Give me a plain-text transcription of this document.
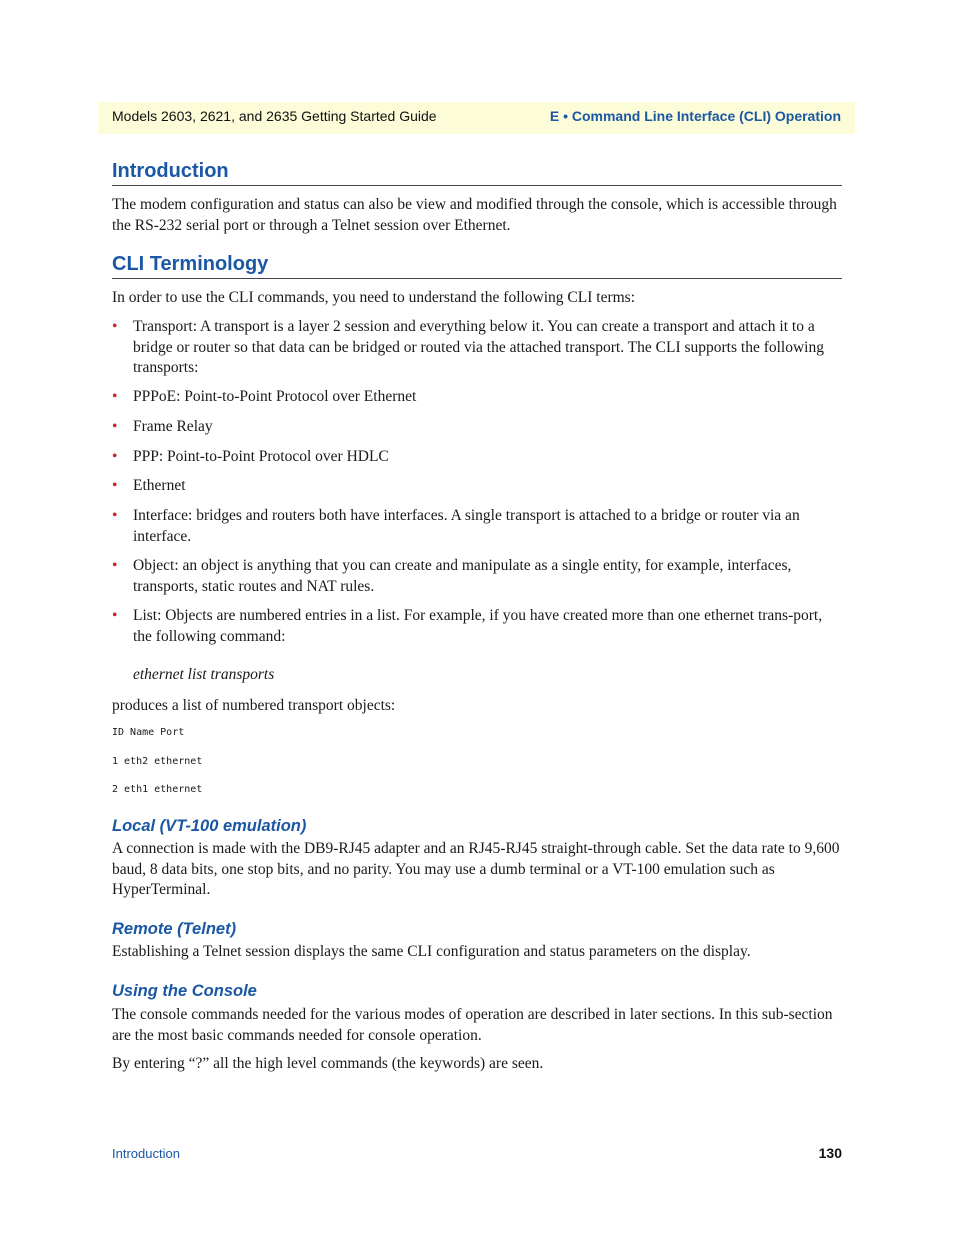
Models 2603, 2621, and 2635 Getting Started Guide	E • Command Line Interface (CLI) Operation
Introduction

The modem configuration and status can also be view and modified through the console, which is accessible through the RS-232 serial port or through a Telnet session over Ethernet.

CLI Terminology

In order to use the CLI commands, you need to understand the following CLI terms:

• Transport: A transport is a layer 2 session and everything below it. You can create a transport and attach it to a bridge or router so that data can be bridged or routed via the attached transport. The CLI supports the following transports:
• PPPoE: Point-to-Point Protocol over Ethernet
• Frame Relay
• PPP: Point-to-Point Protocol over HDLC
• Ethernet
• Interface: bridges and routers both have interfaces. A single transport is attached to a bridge or router via an interface.
• Object: an object is anything that you can create and manipulate as a single entity, for example, interfaces, transports, static routes and NAT rules.
• List: Objects are numbered entries in a list. For example, if you have created more than one ethernet trans-port, the following command:
ethernet list transports

produces a list of numbered transport objects:

ID Name Port
1 eth2 ethernet
2 eth1 ethernet
Local (VT-100 emulation)

A connection is made with the DB9-RJ45 adapter and an RJ45-RJ45 straight-through cable. Set the data rate to 9,600 baud, 8 data bits, one stop bits, and no parity. You may use a dumb terminal or a VT-100 emulation such as HyperTerminal.

Remote (Telnet)

Establishing a Telnet session displays the same CLI configuration and status parameters on the display.

Using the Console

The console commands needed for the various modes of operation are described in later sections. In this sub-section are the most basic commands needed for console operation.

By entering “?” all the high level commands (the keywords) are seen.

Introduction	130
